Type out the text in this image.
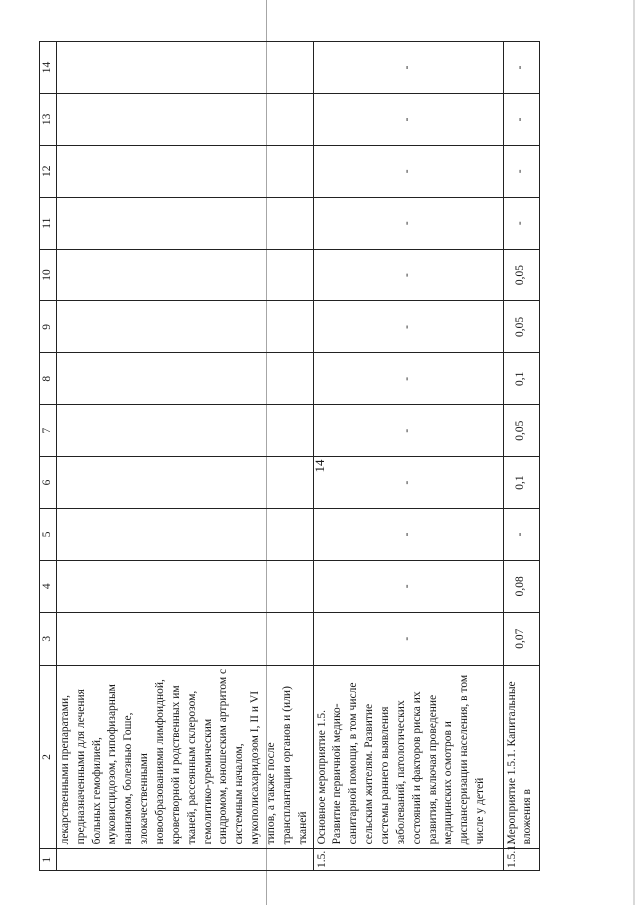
14
1	2	3	4	5	6	7	8	9	10	11	12	13	14
	лекарственными препаратами, предназначенными для лечения больных гемофилией, муковисцидозом, гипофизарным нанизмом, болезнью Гоше, злокачественными новообразованиями лимфоидной, кроветворной и родственных им тканей, рассеянным склерозом, гемолитико-уремическим синдромом, юношеским артритом с системным началом, мукополисахаридозом I, II и VI типов, а также после трансплантации органов и (или) тканей												
1.5.	Основное мероприятие 1.5. Развитие первичной медико-санитарной помощи, в том числе сельским жителям. Развитие системы раннего выявления заболеваний, патологических состояний и факторов риска их развития, включая проведение медицинских осмотров и диспансеризации населения, в том числе у детей	-	-	-	-	-	-	-	-	-	-	-	-
1.5.1.	Мероприятие 1.5.1. Капитальные вложения в	0,07	0,08	-	0,1	0,05	0,1	0,05	0,05	-	-	-	-
